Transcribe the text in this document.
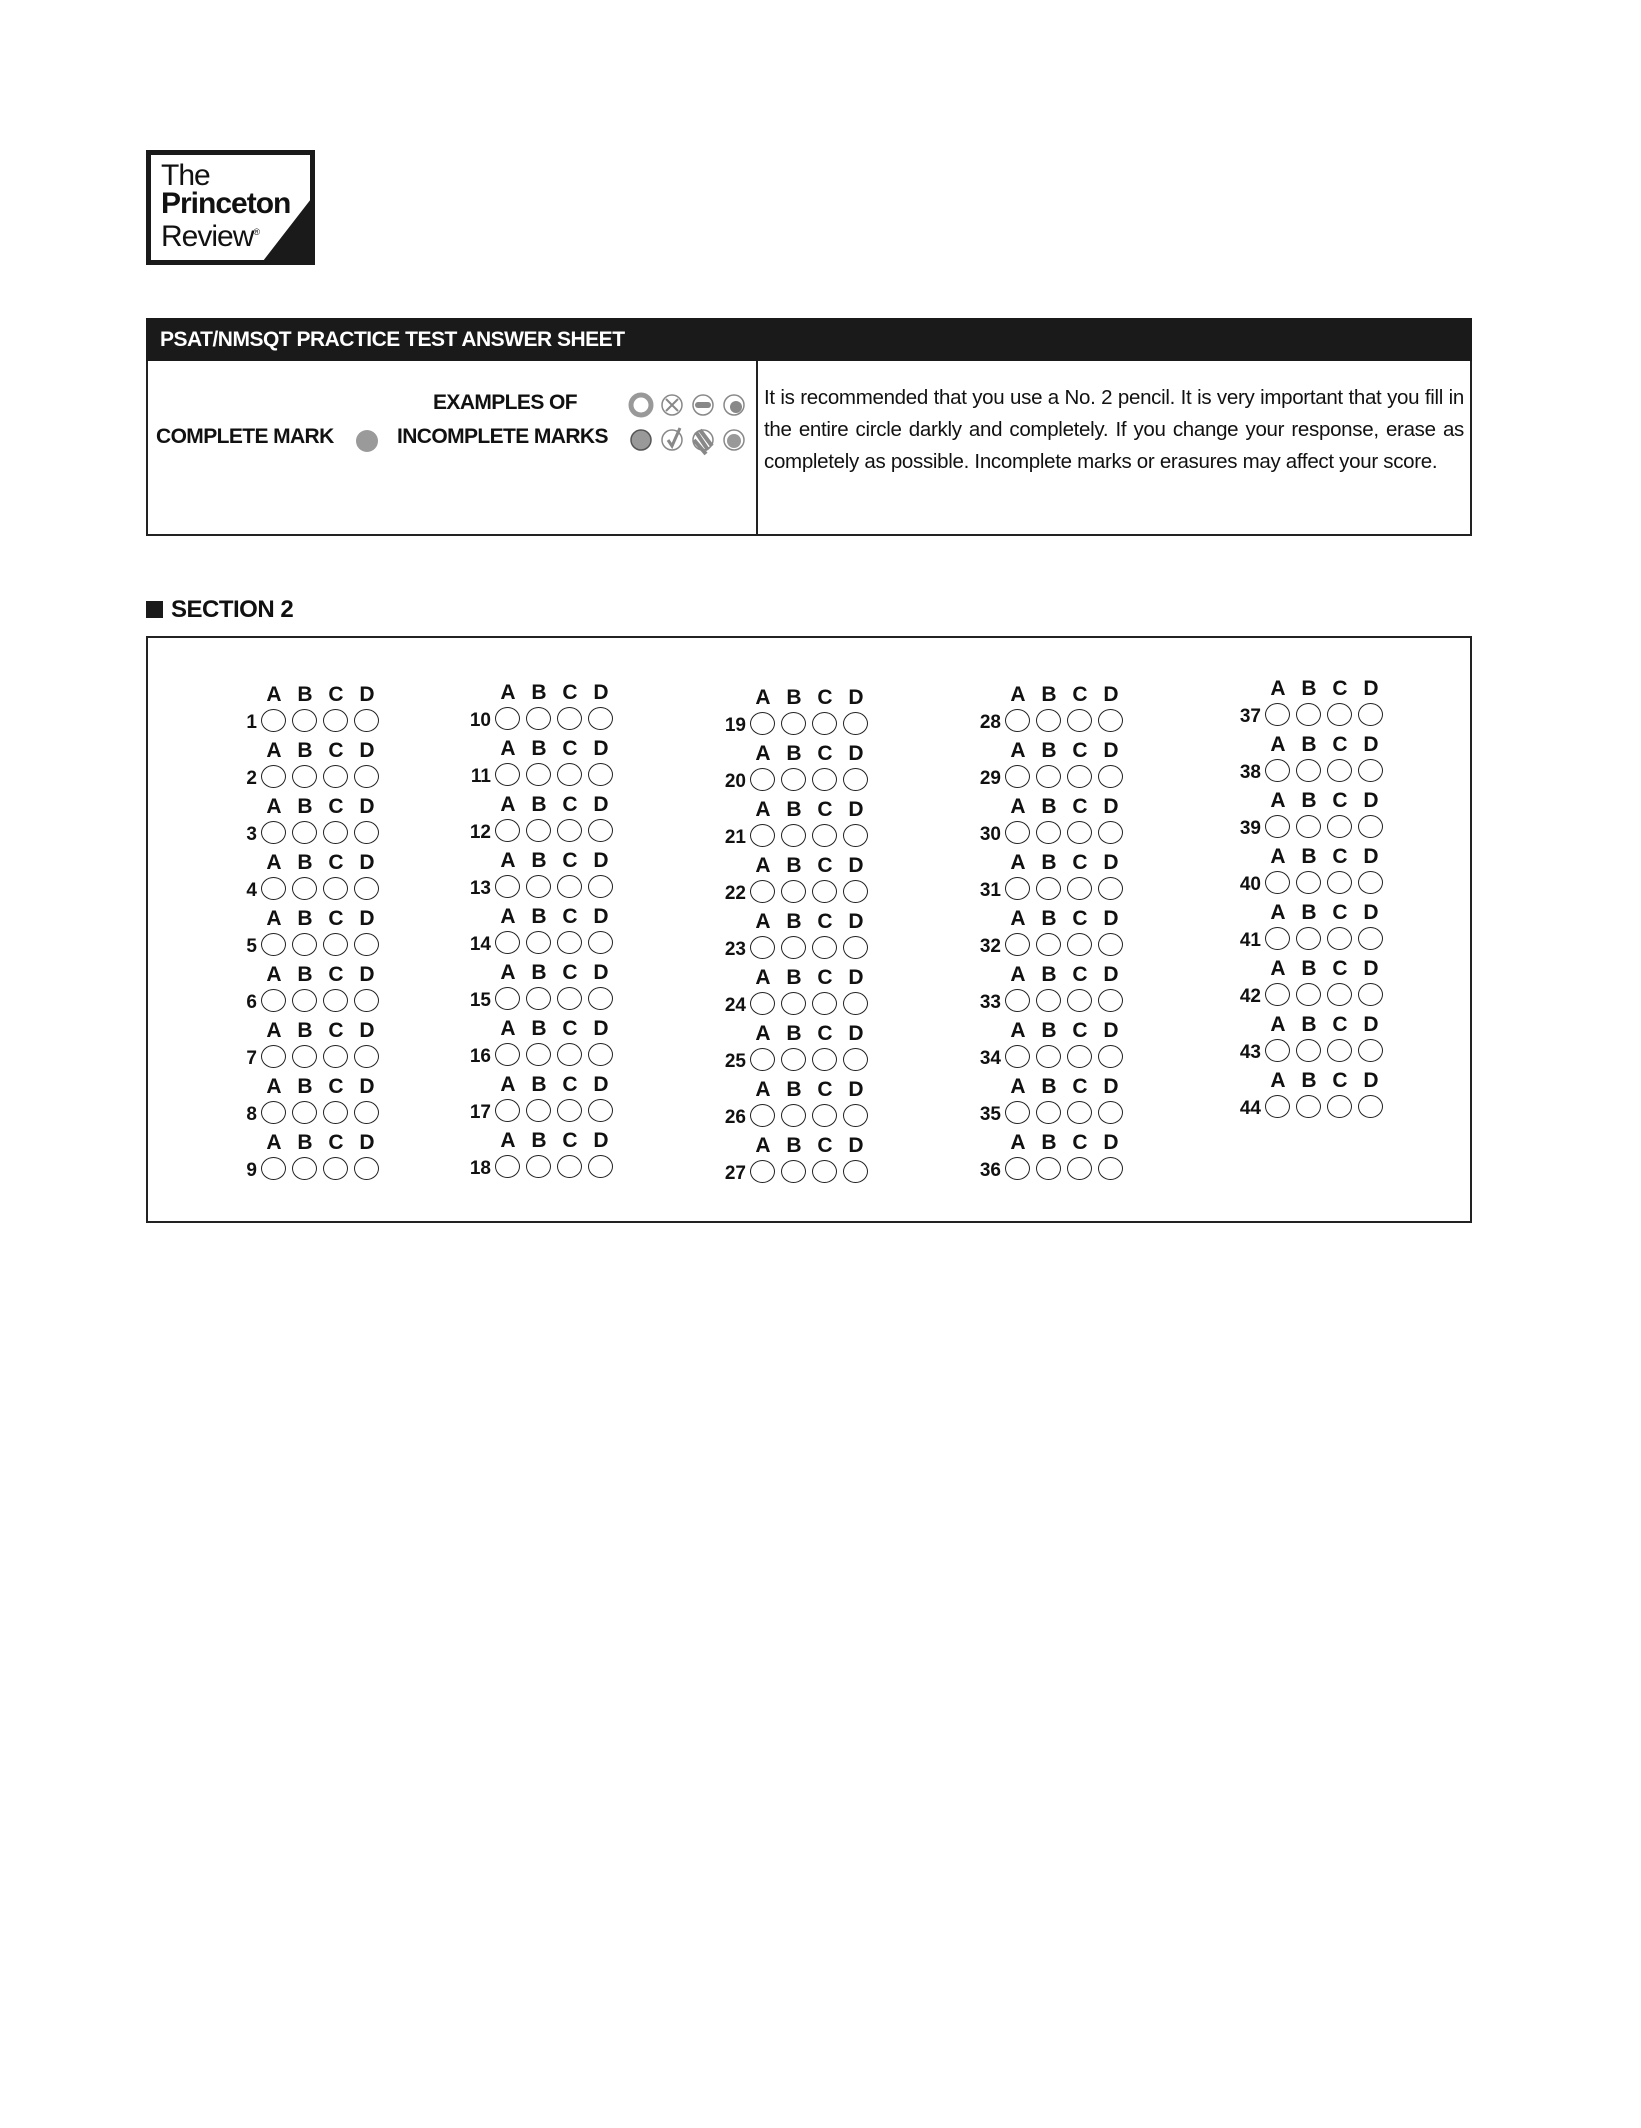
The
Princeton
Review®
PSAT/NMSQT PRACTICE TEST ANSWER SHEET
COMPLETE MARK
EXAMPLES OF
INCOMPLETE MARKS
It is recommended that you use a No. 2 pencil. It is very important that you fill in the entire circle darkly and completely. If you change your response, erase as completely as possible. Incomplete marks or erasures may affect your score.
SECTION 2
1
A B C D
2
A B C D
3
A B C D
4
A B C D
5
A B C D
6
A B C D
7
A B C D
8
A B C D
9
A B C D
10
A B C D
11
A B C D
12
A B C D
13
A B C D
14
A B C D
15
A B C D
16
A B C D
17
A B C D
18
A B C D
19
A B C D
20
A B C D
21
A B C D
22
A B C D
23
A B C D
24
A B C D
25
A B C D
26
A B C D
27
A B C D
28
A B C D
29
A B C D
30
A B C D
31
A B C D
32
A B C D
33
A B C D
34
A B C D
35
A B C D
36
A B C D
37
A B C D
38
A B C D
39
A B C D
40
A B C D
41
A B C D
42
A B C D
43
A B C D
44
A B C D
